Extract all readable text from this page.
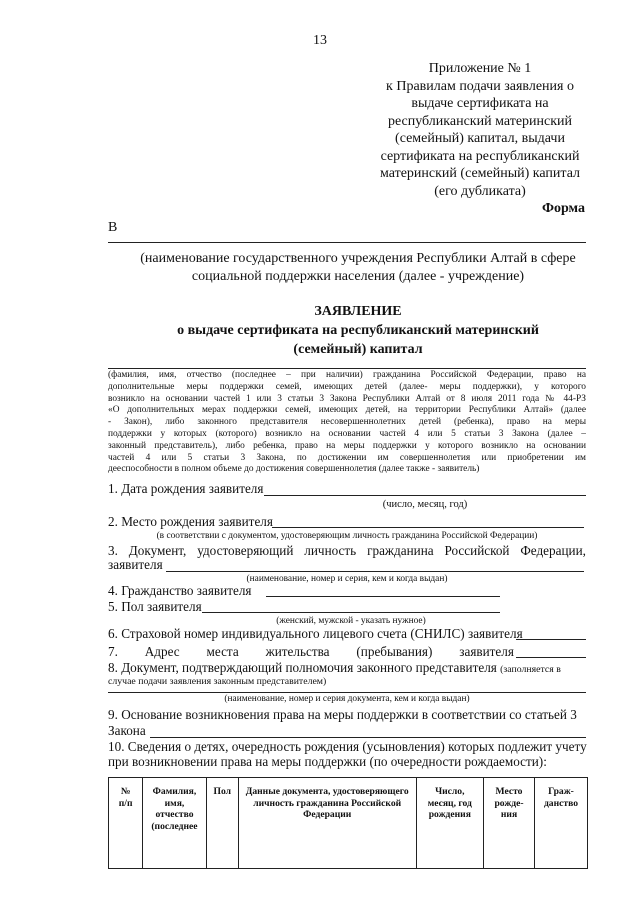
13
Приложение № 1
к Правилам подачи заявления о
выдаче сертификата на
республиканский материнский
(семейный) капитал, выдачи
сертификата на республиканский
материнский (семейный) капитал
(его дубликата)
Форма
В
(наименование государственного учреждения Республики Алтай в сфере
социальной поддержки населения (далее - учреждение)
ЗАЯВЛЕНИЕ
о выдаче сертификата на республиканский материнский
(семейный) капитал
(фамилия, имя, отчество (последнее – при наличии) гражданина Российской Федерации, право на
дополнительные меры поддержки семей, имеющих детей (далее- меры поддержки), у которого
возникло на основании частей 1 или 3 статьи 3 Закона Республики Алтай от 8 июля 2011 года № 44-РЗ
«О дополнительных мерах поддержки семей, имеющих детей, на территории Республики Алтай» (далее
- Закон), либо законного представителя несовершеннолетних детей (ребенка), право на меры
поддержки у которых (которого) возникло на основании частей 4 или 5 статьи 3 Закона (далее –
законный представитель), либо ребенка, право на меры поддержки у которого возникло на основании
частей 4 или 5 статьи 3 Закона, по достижении им совершеннолетия или приобретении им
дееспособности в полном объеме до достижения совершеннолетия (далее также - заявитель)
1. Дата рождения заявителя
(число, месяц, год)
2. Место рождения заявителя
(в соответствии с документом, удостоверяющим личность гражданина Российской Федерации)
3. Документ, удостоверяющий личность гражданина Российской Федерации,
заявителя
(наименование, номер и серия, кем и когда выдан)
4. Гражданство заявителя
5. Пол заявителя
(женский, мужской - указать нужное)
6. Страховой номер индивидуального лицевого счета (СНИЛС) заявителя
7. Адрес места жительства (пребывания) заявителя
8. Документ, подтверждающий полномочия законного представителя (заполняется в
случае подачи заявления законным представителем)
(наименование, номер и серия документа, кем и когда выдан)
9. Основание возникновения права на меры поддержки в соответствии со статьей 3
Закона
10. Сведения о детях, очередность рождения (усыновления) которых подлежит учету
при возникновении права на меры поддержки (по очередности рождаемости):
№
п/п	Фамилия,
имя,
отчество
(последнее	Пол	Данные документа, удостоверяющего
личность гражданина Российской
Федерации	Число,
месяц, год
рождения	Место
рожде-
ния	Граж-
данство
